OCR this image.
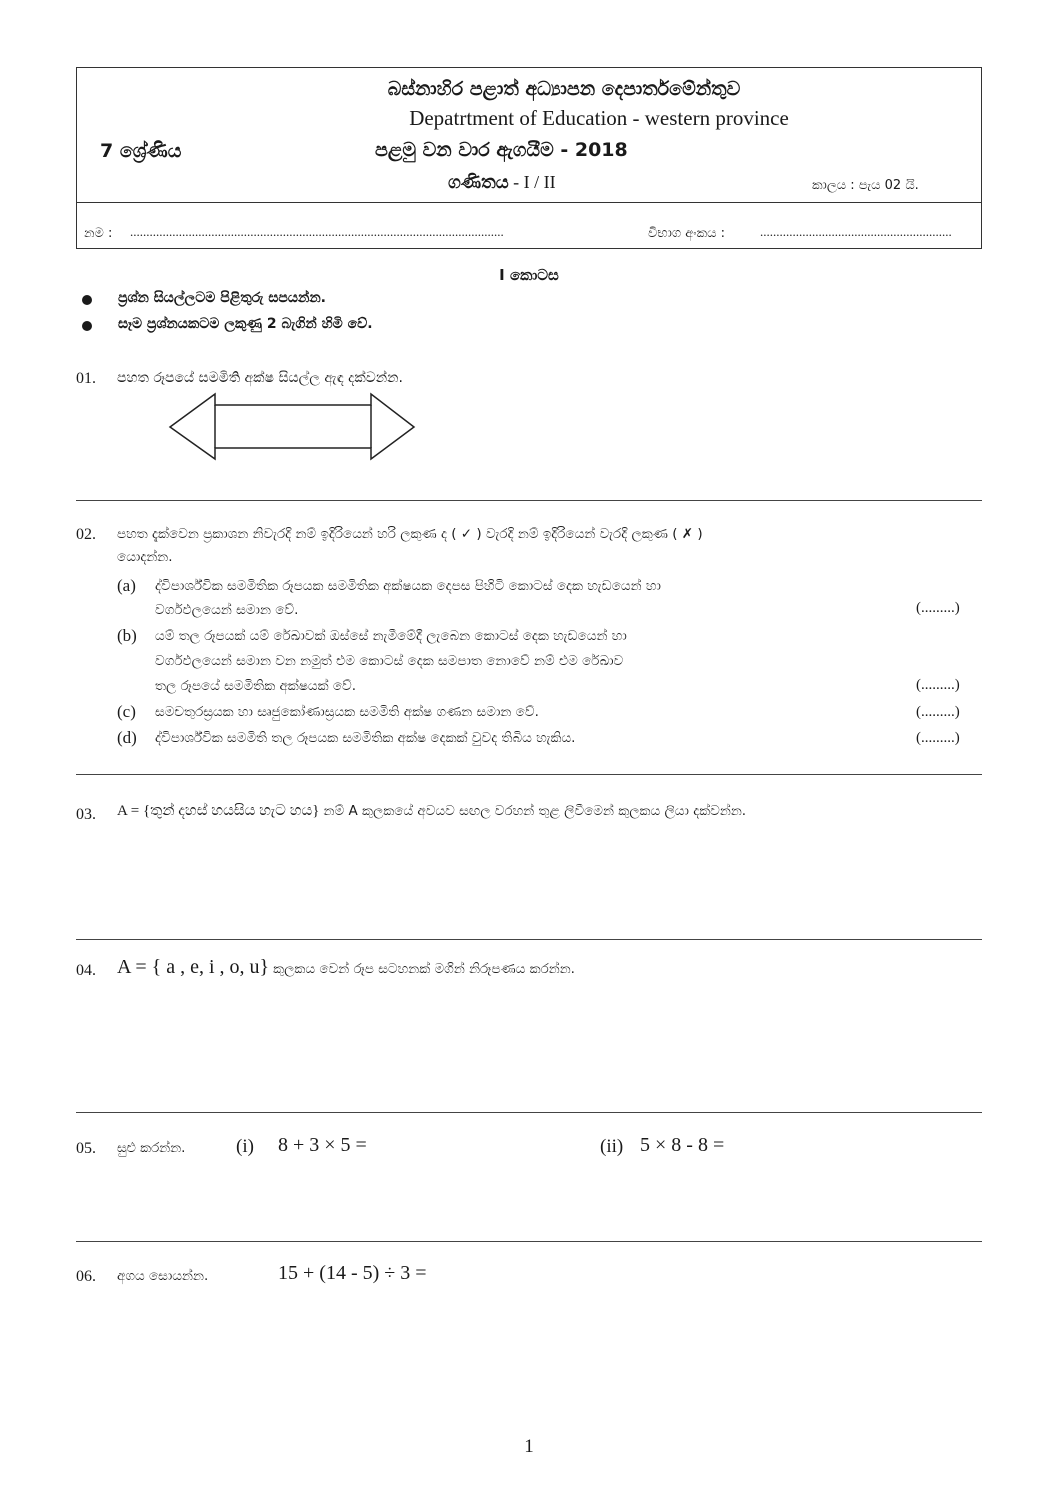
බස්නාහිර පළාත් අධ්‍යාපන දෙපාර්තමේන්තුව
Depatrtment of Education - western province
7 ශ්‍රේණිය	පළමු වන වාර ඇගයීම - 2018
ගණිතය - I / II	කාලය : පැය 02 යි.
නම : ...................................................................................................................	විභාග අංකය :	...........................................................
I කොටස
ප්‍රශ්න සියල්ලටම පිළිතුරු සපයන්න.
සෑම ප්‍රශ්නයකටම ලකුණු 2 බැගින් හිමි වේ.
01. පහත රූපයේ සමමිති අක්ෂ සියල්ල ඇඳ දක්වන්න.
02. පහත දැක්වෙන ප්‍රකාශන නිවැරදි නම් ඉදිරියෙන් හරි ලකුණ ද ( ✓ ) වැරදි නම් ඉදිරියෙන් වැරදි ලකුණ ( ✗ )
යොදන්න.
(a) ද්විපාර්ශ්වික සමමිතික රූපයක සමමිතික අක්ෂයක දෙපස පිහිටි කොටස් දෙක හැඩයෙන් හා
වර්ගඵලයෙන් සමාන වේ.	(.........)
(b) යම් තල රූපයක් යම් රේඛාවක් ඔස්සේ නැමීමේදී ලැබෙන කොටස් දෙක හැඩයෙන් හා
වර්ගඵලයෙන් සමාන වන නමුත් එම කොටස් දෙක සමපාත නොවේ නම් එම රේඛාව
තල රූපයේ සමමිතික අක්ෂයක් වේ.	(.........)
(c) සමචතුරස්‍රයක හා සෘජුකෝණාස්‍රයක සමමිති අක්ෂ ගණන සමාන වේ.	(.........)
(d) ද්විපාර්ශ්වික සමමිති තල රූපයක සමමිතික අක්ෂ දෙකක් වුවද තිබිය හැකිය.	(.........)
03. A = {තුන් දහස් හයසිය හැට හය} නම් A කුලකයේ අවයව සඟල වරහන් තුළ ලිවීමෙන් කුලකය ලියා දක්වන්න.
04. A = { a , e, i , o, u} කුලකය වෙන් රූප සටහනක් මගින් නිරූපණය කරන්න.
05. සුළු කරන්න.	(i) 8 + 3 × 5 =	(ii) 5 × 8 - 8 =
06. අගය සොයන්න.	15 + (14 - 5) ÷ 3 =
1
